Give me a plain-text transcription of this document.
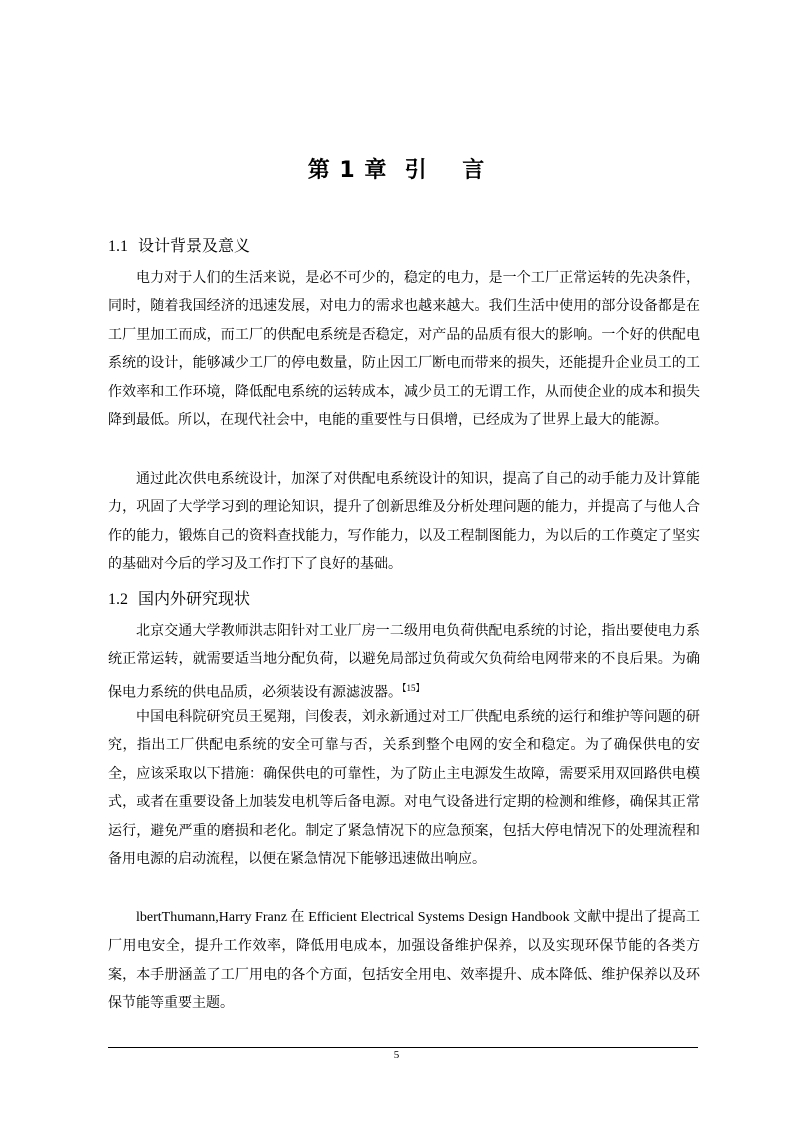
第 1 章  引    言
1.1 设计背景及意义

电力对于人们的生活来说，是必不可少的，稳定的电力，是一个工厂正常运转的先决条件，同时，随着我国经济的迅速发展，对电力的需求也越来越大。我们生活中使用的部分设备都是在工厂里加工而成，而工厂的供配电系统是否稳定，对产品的品质有很大的影响。一个好的供配电系统的设计，能够减少工厂的停电数量，防止因工厂断电而带来的损失，还能提升企业员工的工作效率和工作环境，降低配电系统的运转成本，减少员工的无谓工作，从而使企业的成本和损失降到最低。所以，在现代社会中，电能的重要性与日俱增，已经成为了世界上最大的能源。

通过此次供电系统设计，加深了对供配电系统设计的知识，提高了自己的动手能力及计算能力，巩固了大学学习到的理论知识，提升了创新思维及分析处理问题的能力，并提高了与他人合作的能力，锻炼自己的资料查找能力，写作能力，以及工程制图能力，为以后的工作奠定了坚实的基础对今后的学习及工作打下了良好的基础。

1.2 国内外研究现状

北京交通大学教师洪志阳针对工业厂房一二级用电负荷供配电系统的讨论，指出要使电力系统正常运转，就需要适当地分配负荷，以避免局部过负荷或欠负荷给电网带来的不良后果。为确保电力系统的供电品质，必须装设有源滤波器。$^{【15】}$

中国电科院研究员王冕翔，闫俊表，刘永新通过对工厂供配电系统的运行和维护等问题的研究，指出工厂供配电系统的安全可靠与否，关系到整个电网的安全和稳定。为了确保供电的安全，应该采取以下措施：确保供电的可靠性，为了防止主电源发生故障，需要采用双回路供电模式，或者在重要设备上加装发电机等后备电源。对电气设备进行定期的检测和维修，确保其正常运行，避免严重的磨损和老化。制定了紧急情况下的应急预案，包括大停电情况下的处理流程和备用电源的启动流程，以便在紧急情况下能够迅速做出响应。

lbertThumann,Harry Franz 在 Efficient Electrical Systems Design Handbook 文献中提出了提高工厂用电安全，提升工作效率，降低用电成本，加强设备维护保养，以及实现环保节能的各类方案，本手册涵盖了工厂用电的各个方面，包括安全用电、效率提升、成本降低、维护保养以及环保节能等重要主题。

5
